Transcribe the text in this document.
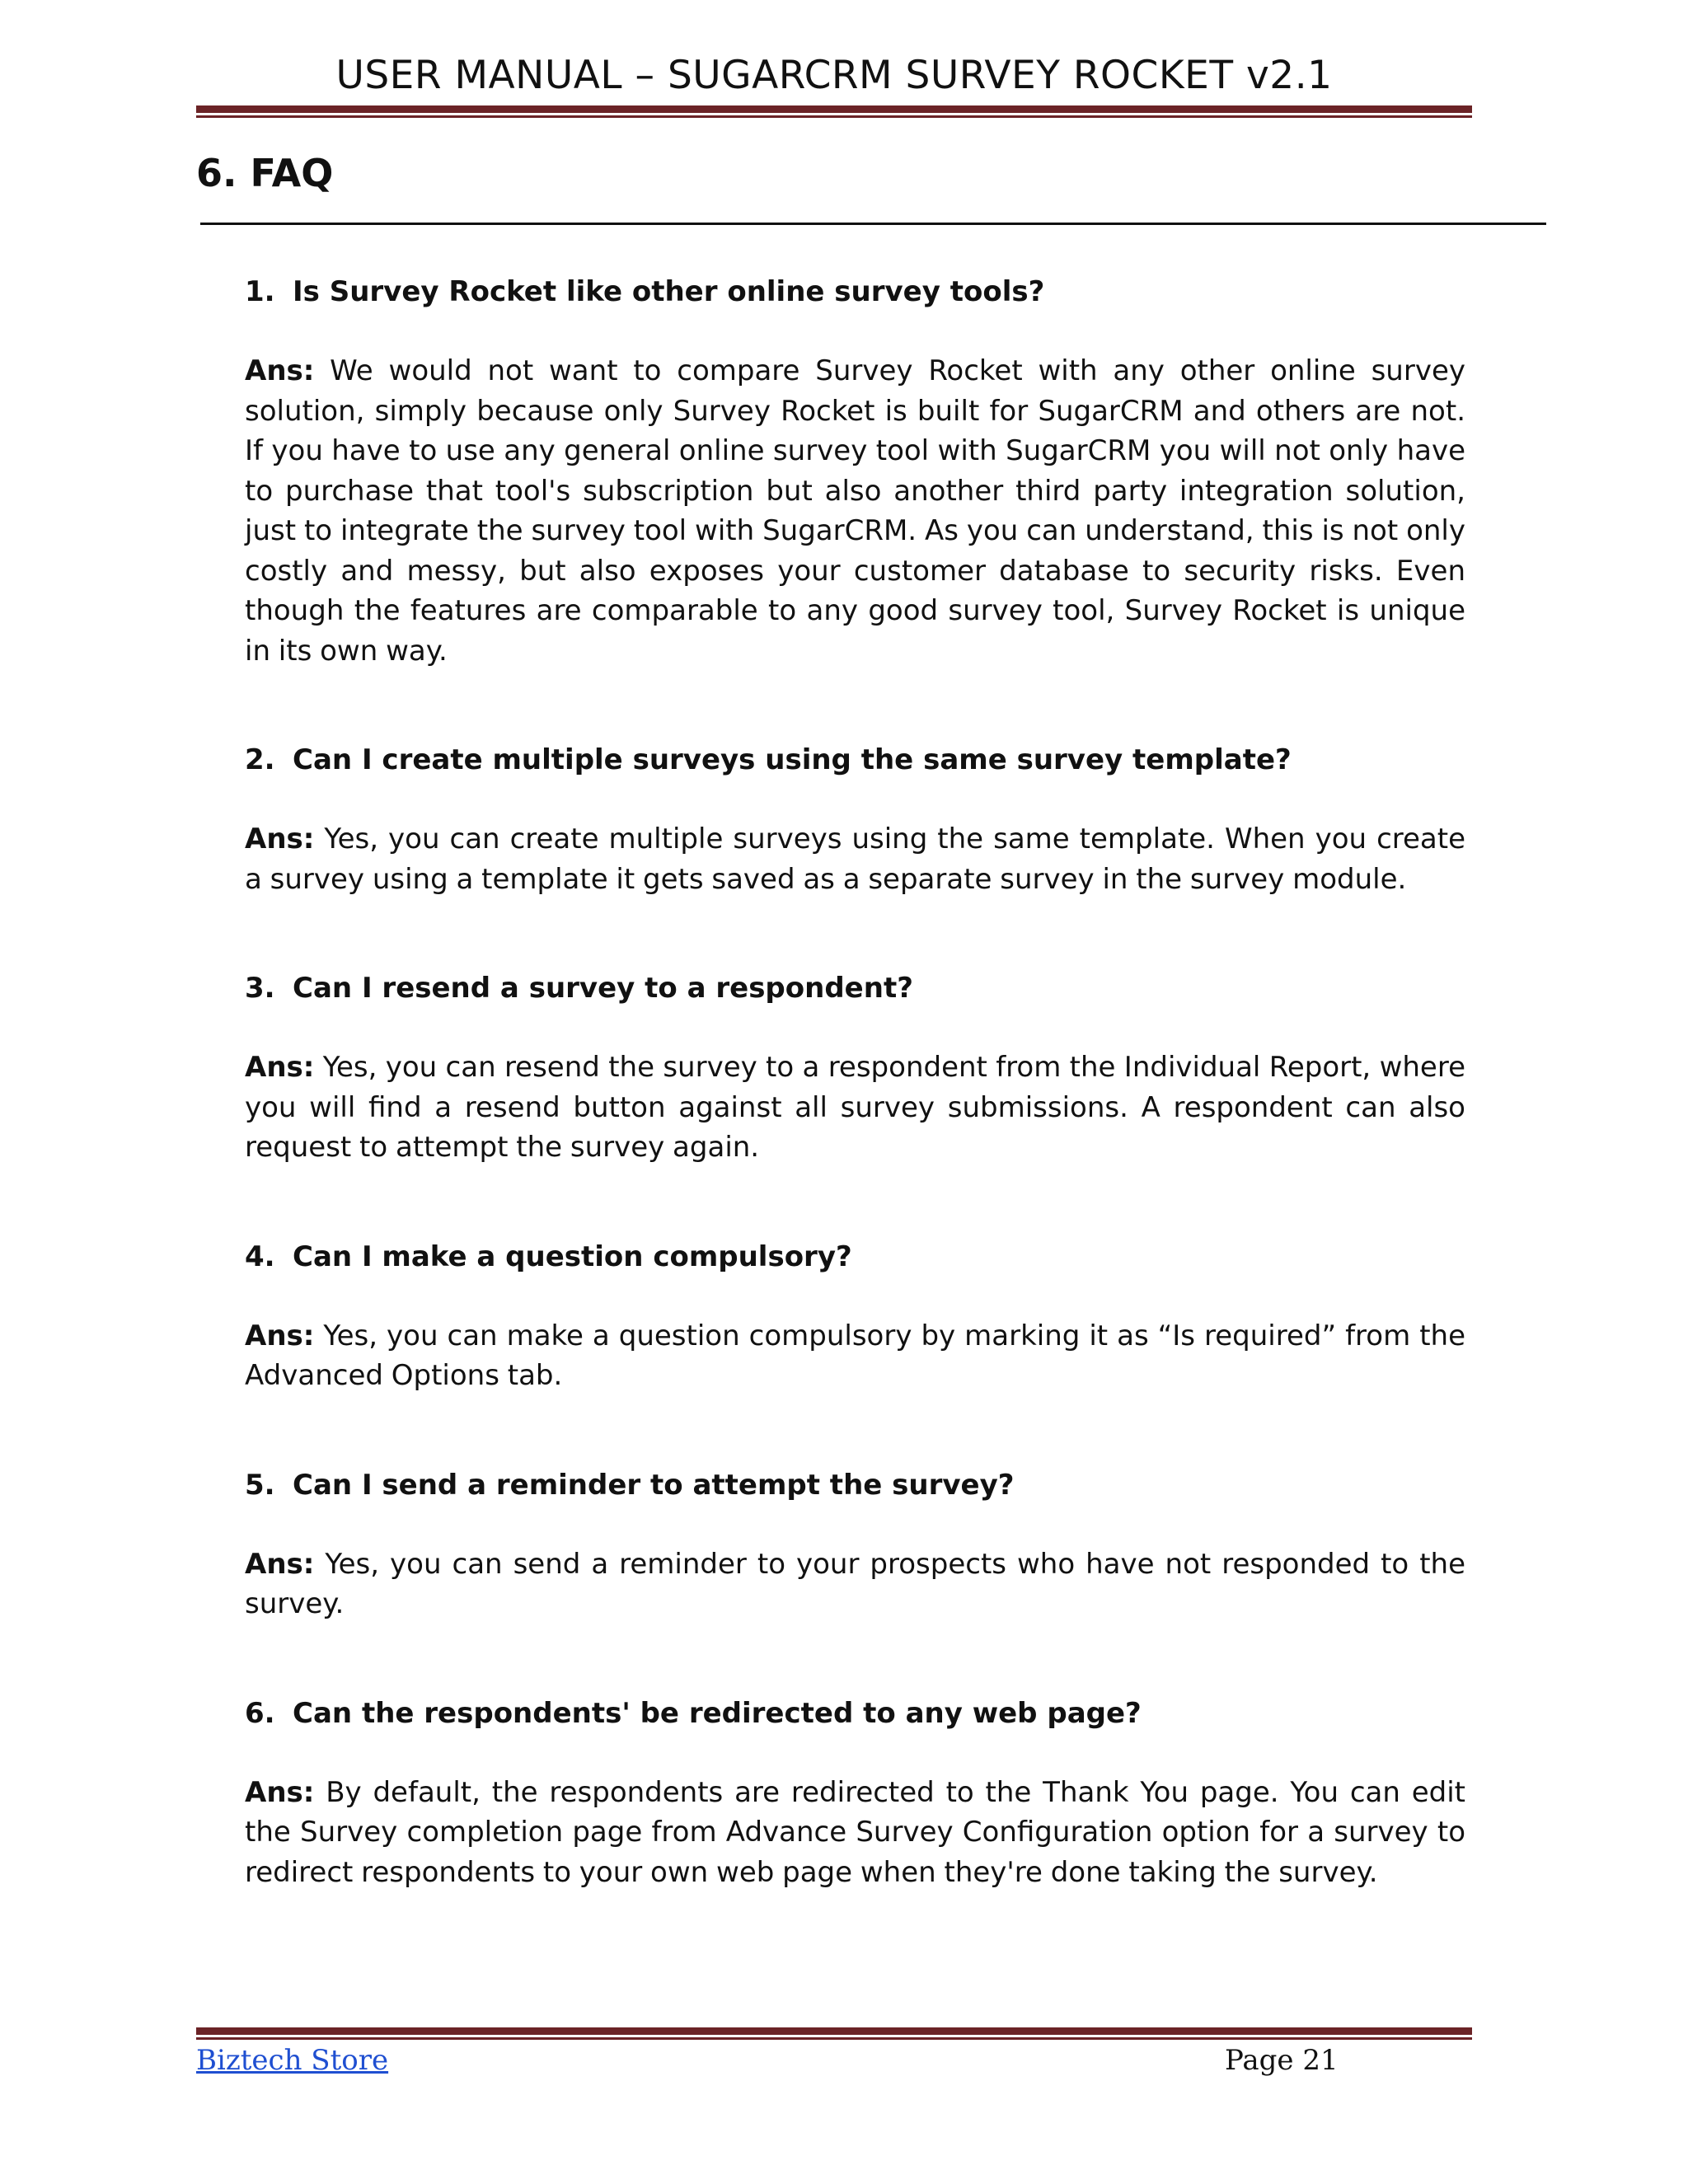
USER MANUAL – SUGARCRM SURVEY ROCKET v2.1
6. FAQ

1. Is Survey Rocket like other online survey tools?

Ans: We would not want to compare Survey Rocket with any other online survey solution, simply because only Survey Rocket is built for SugarCRM and others are not. If you have to use any general online survey tool with SugarCRM you will not only have to purchase that tool's subscription but also another third party integration solution, just to integrate the survey tool with SugarCRM. As you can understand, this is not only costly and messy, but also exposes your customer database to security risks. Even though the features are comparable to any good survey tool, Survey Rocket is unique in its own way.

2. Can I create multiple surveys using the same survey template?

Ans: Yes, you can create multiple surveys using the same template. When you create a survey using a template it gets saved as a separate survey in the survey module.

3. Can I resend a survey to a respondent?

Ans: Yes, you can resend the survey to a respondent from the Individual Report, where you will find a resend button against all survey submissions. A respondent can also request to attempt the survey again.

4. Can I make a question compulsory?

Ans: Yes, you can make a question compulsory by marking it as “Is required” from the Advanced Options tab.

5. Can I send a reminder to attempt the survey?

Ans: Yes, you can send a reminder to your prospects who have not responded to the survey.

6. Can the respondents' be redirected to any web page?

Ans: By default, the respondents are redirected to the Thank You page. You can edit the Survey completion page from Advance Survey Configuration option for a survey to redirect respondents to your own web page when they're done taking the survey.

Biztech Store	Page 21
